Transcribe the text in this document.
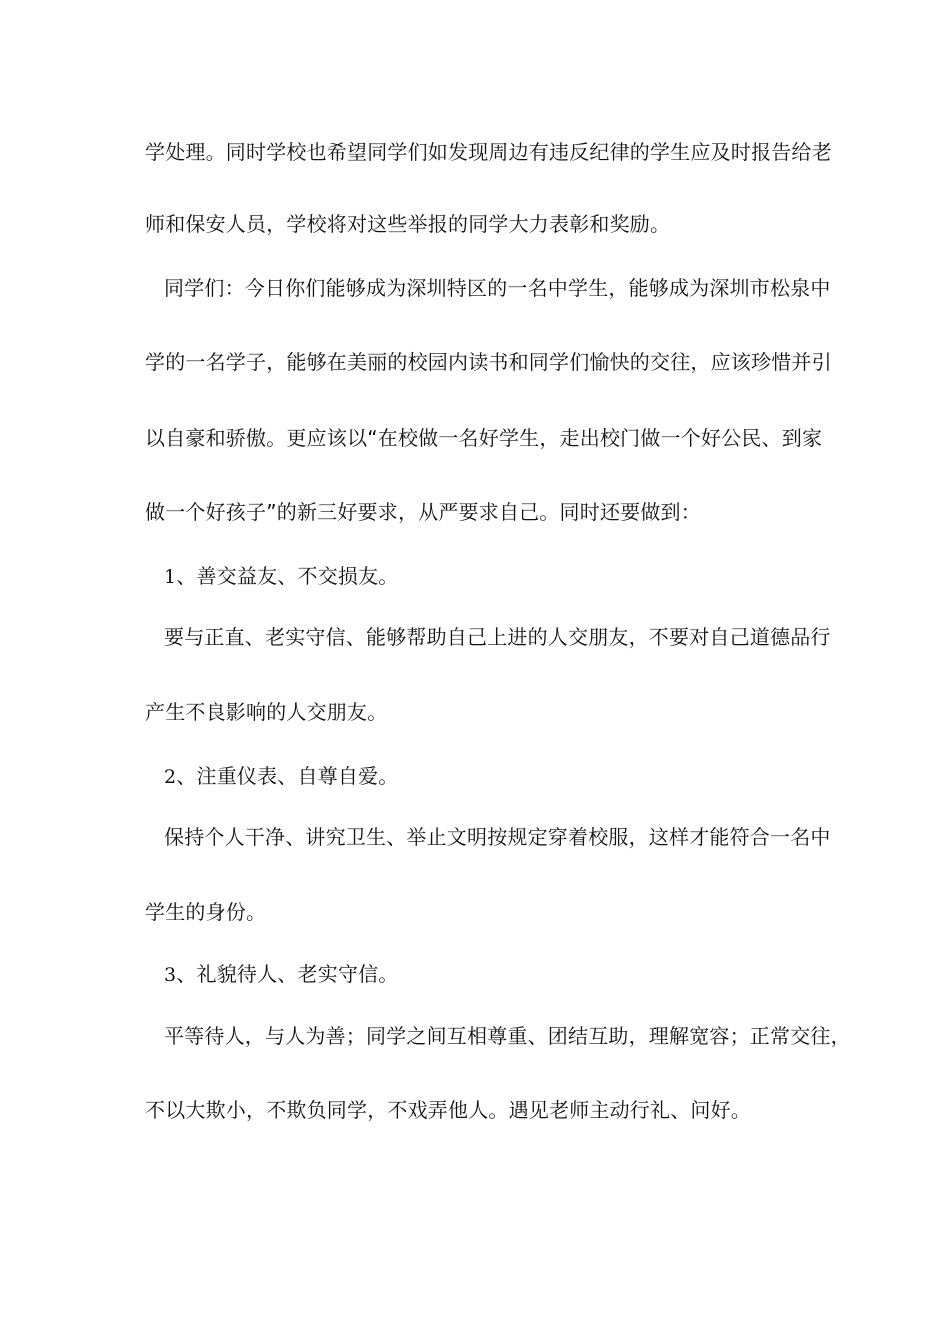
学处理。同时学校也希望同学们如发现周边有违反纪律的学生应及时报告给老
师和保安人员，学校将对这些举报的同学大力表彰和奖励。
同学们：今日你们能够成为深圳特区的一名中学生，能够成为深圳市松泉中
学的一名学子，能够在美丽的校园内读书和同学们愉快的交往，应该珍惜并引
以自豪和骄傲。更应该以“在校做一名好学生，走出校门做一个好公民、到家
做一个好孩子”的新三好要求，从严要求自己。同时还要做到：
1、善交益友、不交损友。
要与正直、老实守信、能够帮助自己上进的人交朋友，不要对自己道德品行
产生不良影响的人交朋友。
2、注重仪表、自尊自爱。
保持个人干净、讲究卫生、举止文明按规定穿着校服，这样才能符合一名中
学生的身份。
3、礼貌待人、老实守信。
平等待人，与人为善；同学之间互相尊重、团结互助，理解宽容；正常交往，
不以大欺小，不欺负同学，不戏弄他人。遇见老师主动行礼、问好。
